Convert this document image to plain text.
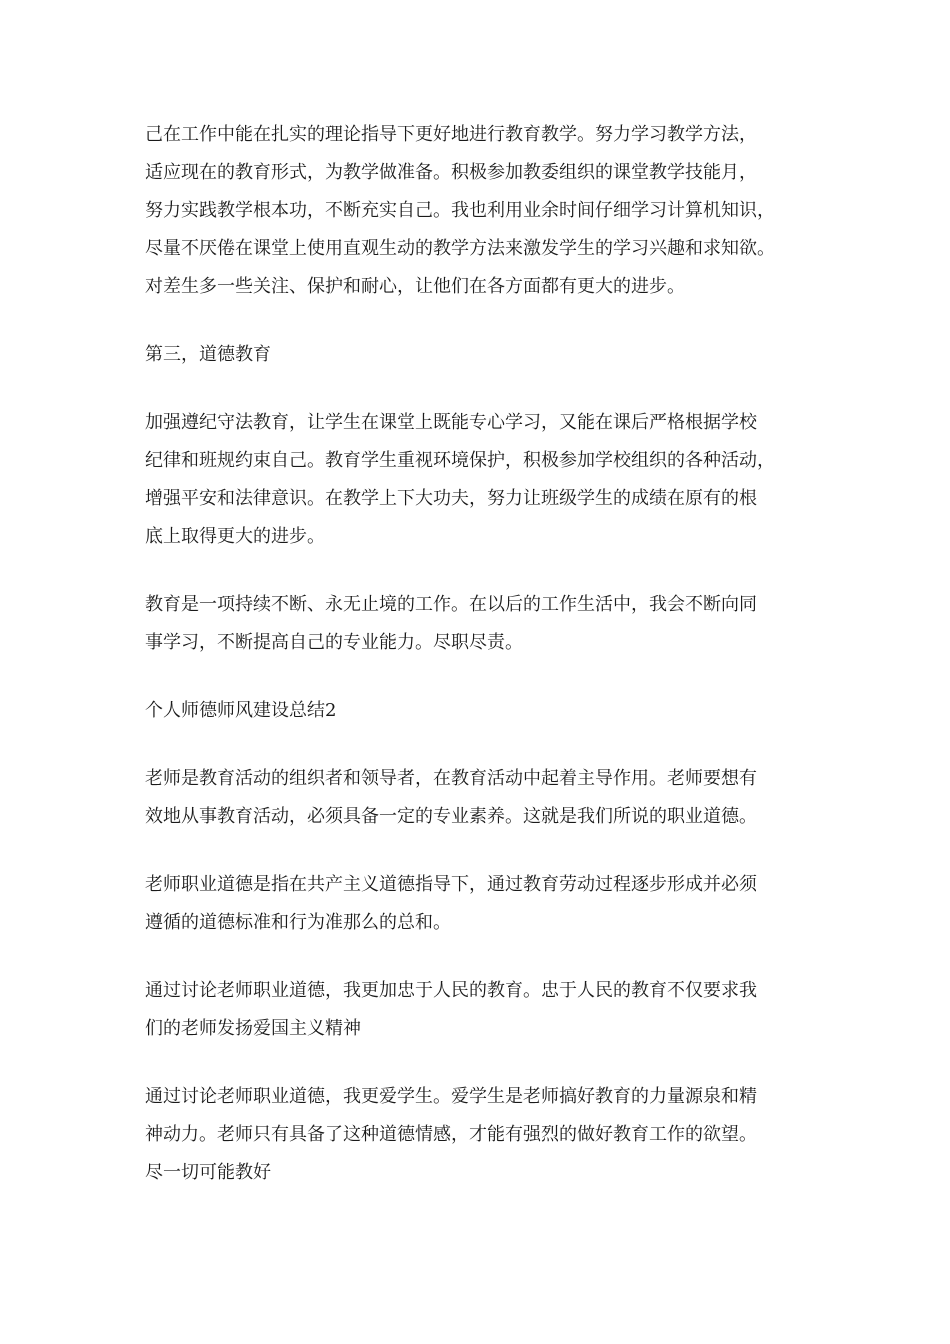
己在工作中能在扎实的理论指导下更好地进行教育教学。努力学习教学方法，
适应现在的教育形式，为教学做准备。积极参加教委组织的课堂教学技能月，
努力实践教学根本功，不断充实自己。我也利用业余时间仔细学习计算机知识，
尽量不厌倦在课堂上使用直观生动的教学方法来激发学生的学习兴趣和求知欲。
对差生多一些关注、保护和耐心，让他们在各方面都有更大的进步。
第三，道德教育
加强遵纪守法教育，让学生在课堂上既能专心学习，又能在课后严格根据学校
纪律和班规约束自己。教育学生重视环境保护，积极参加学校组织的各种活动，
增强平安和法律意识。在教学上下大功夫，努力让班级学生的成绩在原有的根
底上取得更大的进步。
教育是一项持续不断、永无止境的工作。在以后的工作生活中，我会不断向同
事学习，不断提高自己的专业能力。尽职尽责。
个人师德师风建设总结2
老师是教育活动的组织者和领导者，在教育活动中起着主导作用。老师要想有
效地从事教育活动，必须具备一定的专业素养。这就是我们所说的职业道德。
老师职业道德是指在共产主义道德指导下，通过教育劳动过程逐步形成并必须
遵循的道德标准和行为准那么的总和。
通过讨论老师职业道德，我更加忠于人民的教育。忠于人民的教育不仅要求我
们的老师发扬爱国主义精神
通过讨论老师职业道德，我更爱学生。爱学生是老师搞好教育的力量源泉和精
神动力。老师只有具备了这种道德情感，才能有强烈的做好教育工作的欲望。
尽一切可能教好
